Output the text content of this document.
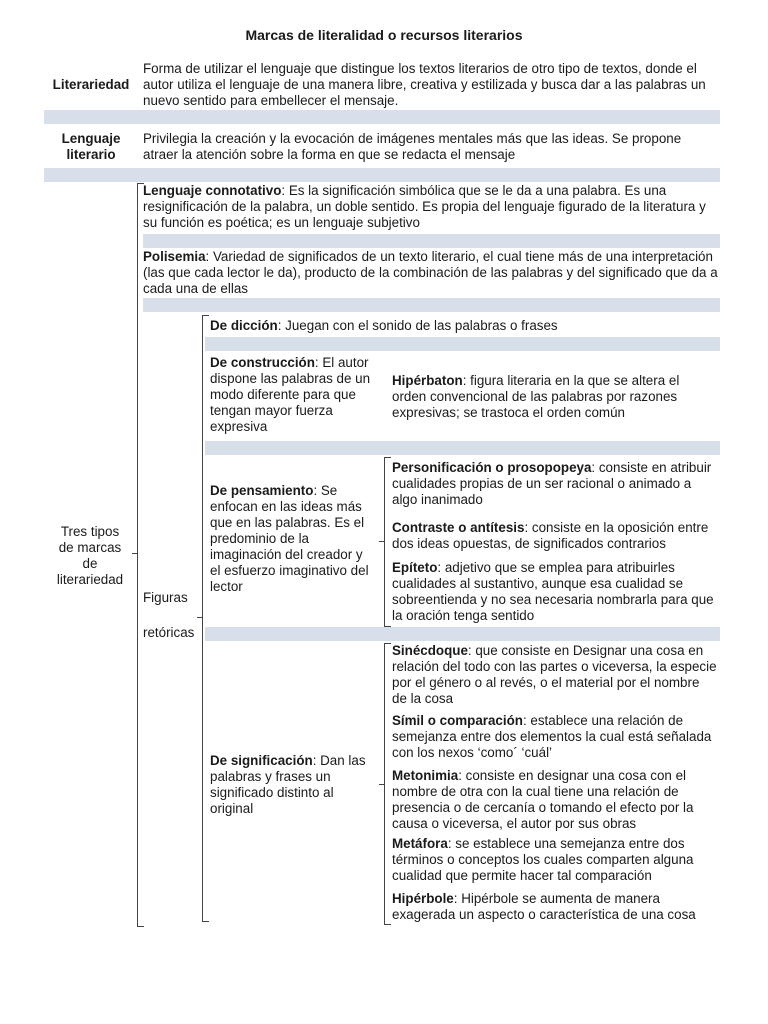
Marcas de literalidad o recursos literarios
Literariedad
Forma de utilizar el lenguaje que distingue los textos literarios de otro tipo de textos, donde el autor utiliza el lenguaje de una manera libre, creativa y estilizada y busca dar a las palabras un nuevo sentido para embellecer el mensaje.
Lenguaje
literario
Privilegia la creación y la evocación de imágenes mentales más que las ideas. Se propone atraer la atención sobre la forma en que se redacta el mensaje
Tres tipos
de marcas
de
literariedad
Lenguaje connotativo: Es la significación simbólica que se le da a una palabra. Es una resignificación de la palabra, un doble sentido. Es propia del lenguaje figurado de la literatura y su función es poética; es un lenguaje subjetivo
Polisemia: Variedad de significados de un texto literario, el cual tiene más de una interpretación (las que cada lector le da), producto de la combinación de las palabras y del significado que da a cada una de ellas
Figuras
retóricas
De dicción: Juegan con el sonido de las palabras o frases
De construcción: El autor dispone las palabras de un modo diferente para que tengan mayor fuerza expresiva
Hipérbaton: figura literaria en la que se altera el orden convencional de las palabras por razones expresivas; se trastoca el orden común
De pensamiento: Se enfocan en las ideas más que en las palabras. Es el predominio de la imaginación del creador y el esfuerzo imaginativo del lector
Personificación o prosopopeya: consiste en atribuir cualidades propias de un ser racional o animado a algo inanimado
Contraste o antítesis: consiste en la oposición entre dos ideas opuestas, de significados contrarios
Epíteto: adjetivo que se emplea para atribuirles cualidades al sustantivo, aunque esa cualidad se sobreentienda y no sea necesaria nombrarla para que la oración tenga sentido
De significación: Dan las palabras y frases un significado distinto al original
Sinécdoque: que consiste en Designar una cosa en relación del todo con las partes o viceversa, la especie por el género o al revés, o el material por el nombre de la cosa
Símil o comparación: establece una relación de semejanza entre dos elementos la cual está señalada con los nexos ‘como´ ‘cuál’
Metonimia: consiste en designar una cosa con el nombre de otra con la cual tiene una relación de presencia o de cercanía o tomando el efecto por la causa o viceversa, el autor por sus obras
Metáfora: se establece una semejanza entre dos términos o conceptos los cuales comparten alguna cualidad que permite hacer tal comparación
Hipérbole: Hipérbole se aumenta de manera exagerada un aspecto o característica de una cosa
